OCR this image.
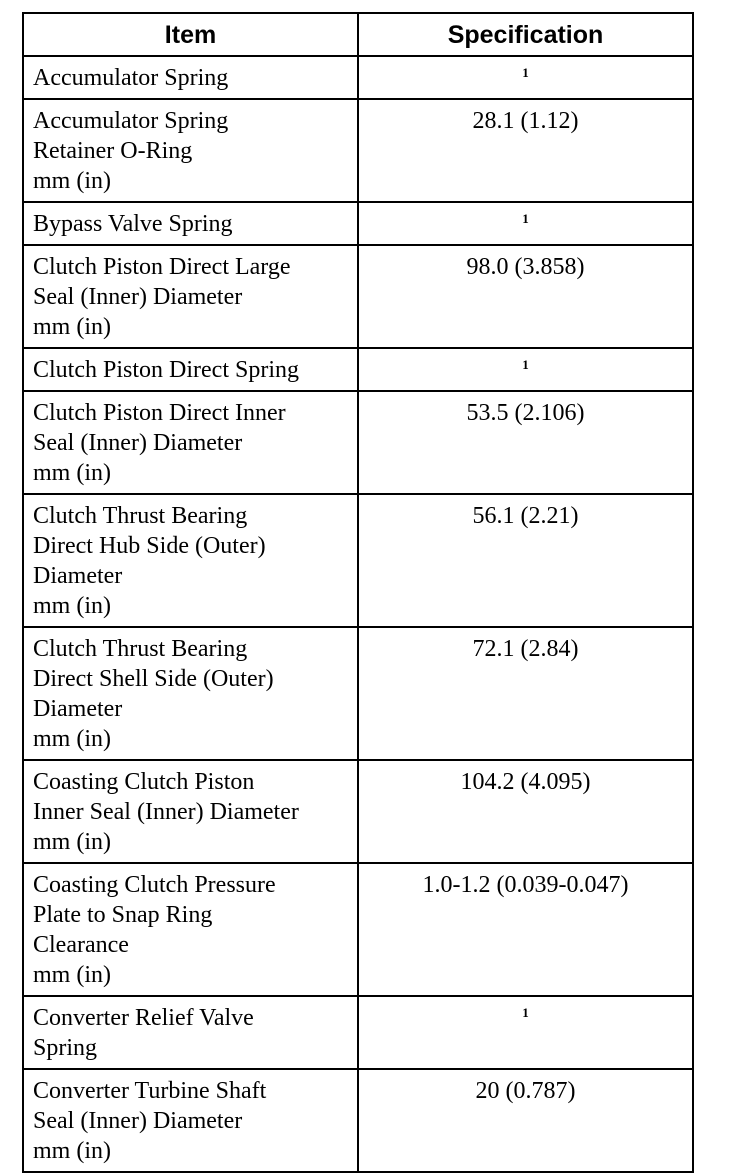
Item	Specification
Accumulator Spring	1
Accumulator Spring
Retainer O-Ring
mm (in)	28.1 (1.12)
Bypass Valve Spring	1
Clutch Piston Direct Large
Seal (Inner) Diameter
mm (in)	98.0 (3.858)
Clutch Piston Direct Spring	1
Clutch Piston Direct Inner
Seal (Inner) Diameter
mm (in)	53.5 (2.106)
Clutch Thrust Bearing
Direct Hub Side (Outer)
Diameter
mm (in)	56.1 (2.21)
Clutch Thrust Bearing
Direct Shell Side (Outer)
Diameter
mm (in)	72.1 (2.84)
Coasting Clutch Piston
Inner Seal (Inner) Diameter
mm (in)	104.2 (4.095)
Coasting Clutch Pressure
Plate to Snap Ring
Clearance
mm (in)	1.0-1.2 (0.039-0.047)
Converter Relief Valve
Spring	1
Converter Turbine Shaft
Seal (Inner) Diameter
mm (in)	20 (0.787)
